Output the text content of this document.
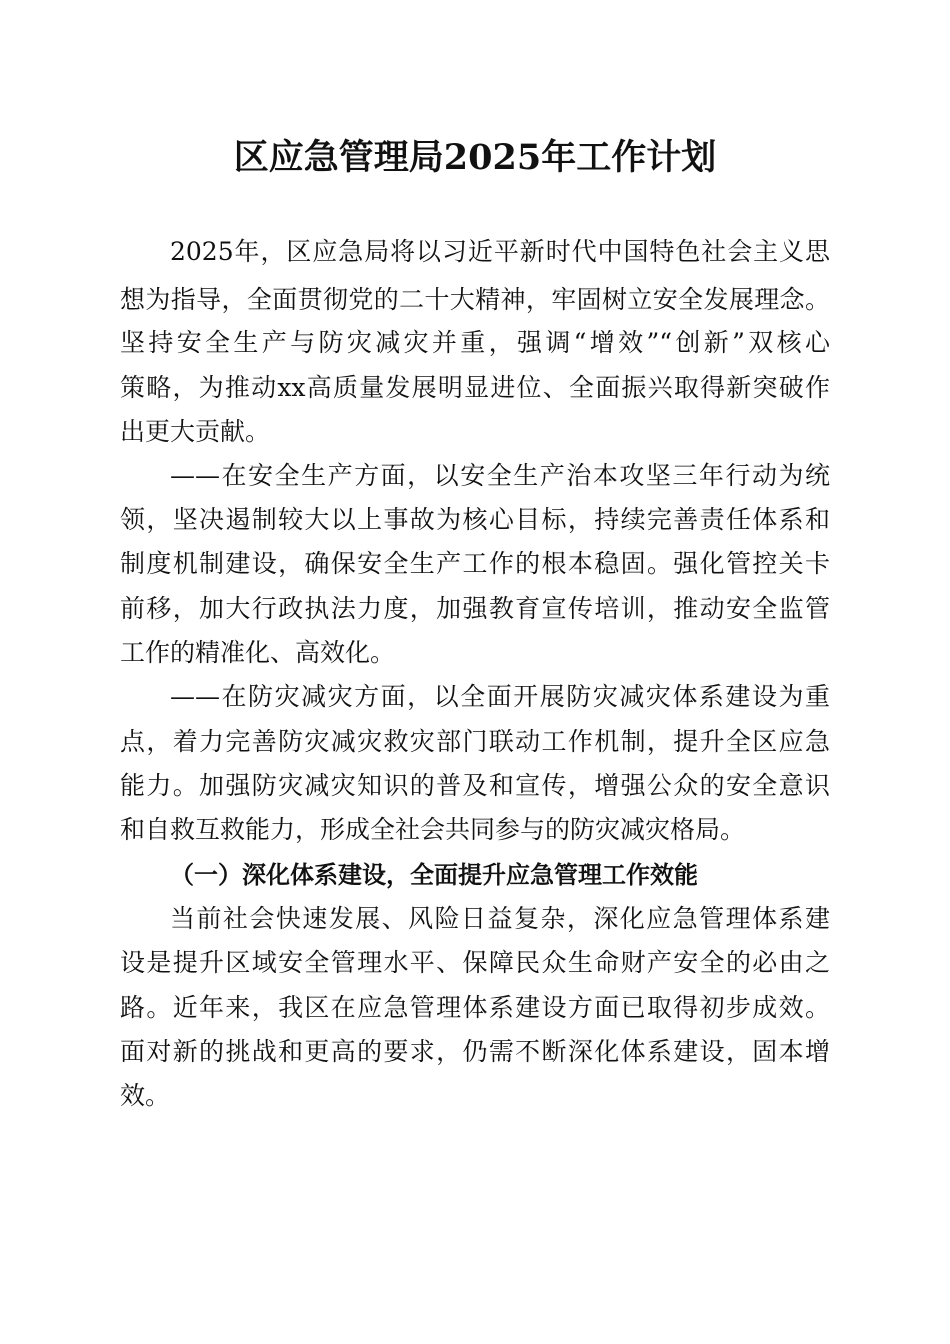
区应急管理局2025年工作计划

2025年，区应急局将以习近平新时代中国特色社会主义思

想为指导，全面贯彻党的二十大精神，牢固树立安全发展理念。

坚持安全生产与防灾减灾并重，强调“增效”“创新”双核心

策略，为推动xx高质量发展明显进位、全面振兴取得新突破作

出更大贡献。

——在安全生产方面，以安全生产治本攻坚三年行动为统

领，坚决遏制较大以上事故为核心目标，持续完善责任体系和

制度机制建设，确保安全生产工作的根本稳固。强化管控关卡

前移，加大行政执法力度，加强教育宣传培训，推动安全监管

工作的精准化、高效化。

——在防灾减灾方面，以全面开展防灾减灾体系建设为重

点，着力完善防灾减灾救灾部门联动工作机制，提升全区应急

能力。加强防灾减灾知识的普及和宣传，增强公众的安全意识

和自救互救能力，形成全社会共同参与的防灾减灾格局。

（一）深化体系建设，全面提升应急管理工作效能

当前社会快速发展、风险日益复杂，深化应急管理体系建

设是提升区域安全管理水平、保障民众生命财产安全的必由之

路。近年来，我区在应急管理体系建设方面已取得初步成效。

面对新的挑战和更高的要求，仍需不断深化体系建设，固本增

效。
